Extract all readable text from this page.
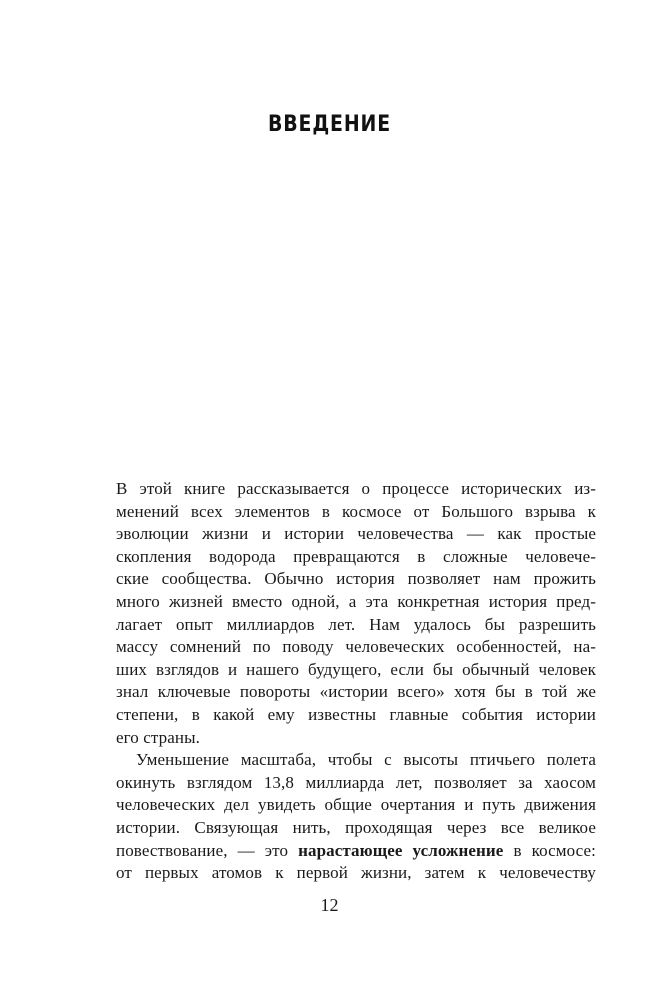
ВВЕДЕНИЕ
В этой книге рассказывается о процессе исторических из-
менений всех элементов в космосе от Большого взрыва к
эволюции жизни и истории человечества — как простые
скопления водорода превращаются в сложные человече-
ские сообщества. Обычно история позволяет нам прожить
много жизней вместо одной, а эта конкретная история пред-
лагает опыт миллиардов лет. Нам удалось бы разрешить
массу сомнений по поводу человеческих особенностей, на-
ших взглядов и нашего будущего, если бы обычный человек
знал ключевые повороты «истории всего» хотя бы в той же
степени, в какой ему известны главные события истории
его страны.
Уменьшение масштаба, чтобы с высоты птичьего полета
окинуть взглядом 13,8 миллиарда лет, позволяет за хаосом
человеческих дел увидеть общие очертания и путь движения
истории. Связующая нить, проходящая через все великое
повествование, — это нарастающее усложнение в космосе:
от первых атомов к первой жизни, затем к человечеству
12
